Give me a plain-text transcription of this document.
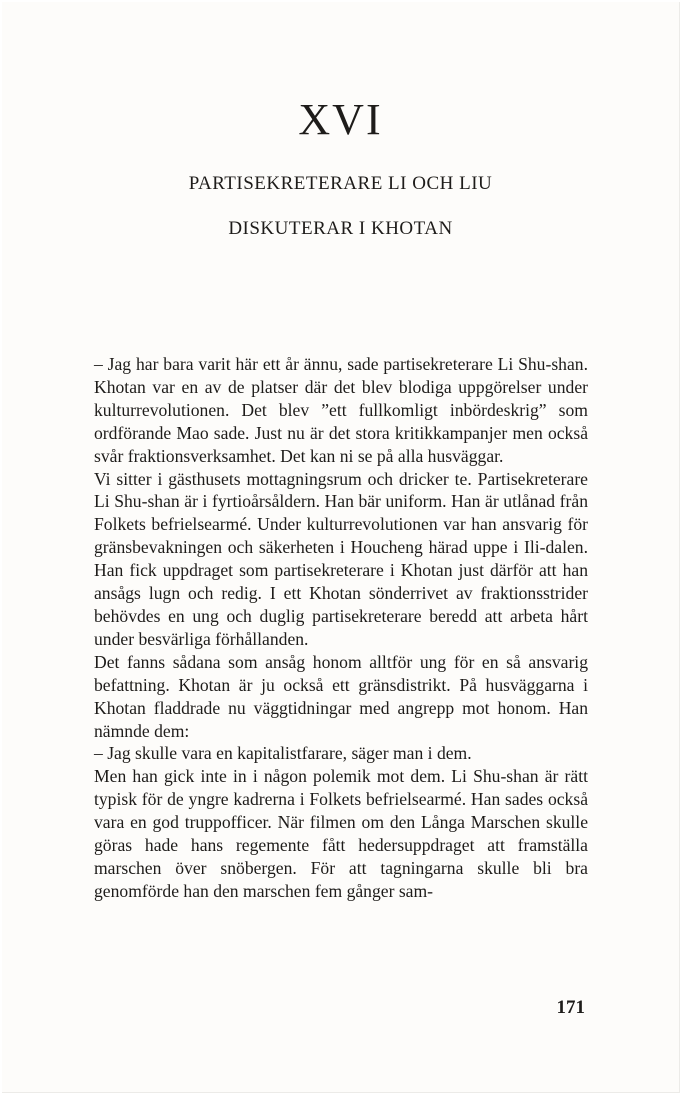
XVI
PARTISEKRETERARE LI OCH LIU
DISKUTERAR I KHOTAN

– Jag har bara varit här ett år ännu, sade partisekreterare Li Shu-shan. Khotan var en av de platser där det blev blodiga uppgörelser under kulturrevolutionen. Det blev ”ett fullkomligt inbördeskrig” som ordförande Mao sade. Just nu är det stora kritikkampanjer men också svår fraktionsverksamhet. Det kan ni se på alla husväggar.

Vi sitter i gästhusets mottagningsrum och dricker te. Partisekreterare Li Shu-shan är i fyrtioårsåldern. Han bär uniform. Han är utlånad från Folkets befrielsearmé. Under kulturrevolutionen var han ansvarig för gränsbevakningen och säkerheten i Houcheng härad uppe i Ili-dalen. Han fick uppdraget som partisekreterare i Khotan just därför att han ansågs lugn och redig. I ett Khotan sönderrivet av fraktionsstrider behövdes en ung och duglig partisekreterare beredd att arbeta hårt under besvärliga förhållanden.

Det fanns sådana som ansåg honom alltför ung för en så ansvarig befattning. Khotan är ju också ett gränsdistrikt. På husväggarna i Khotan fladdrade nu väggtidningar med angrepp mot honom. Han nämnde dem:

– Jag skulle vara en kapitalistfarare, säger man i dem.

Men han gick inte in i någon polemik mot dem. Li Shu-shan är rätt typisk för de yngre kadrerna i Folkets befrielsearmé. Han sades också vara en god truppofficer. När filmen om den Långa Marschen skulle göras hade hans regemente fått hedersuppdraget att framställa marschen över snöbergen. För att tagningarna skulle bli bra genomförde han den marschen fem gånger sam-

171
